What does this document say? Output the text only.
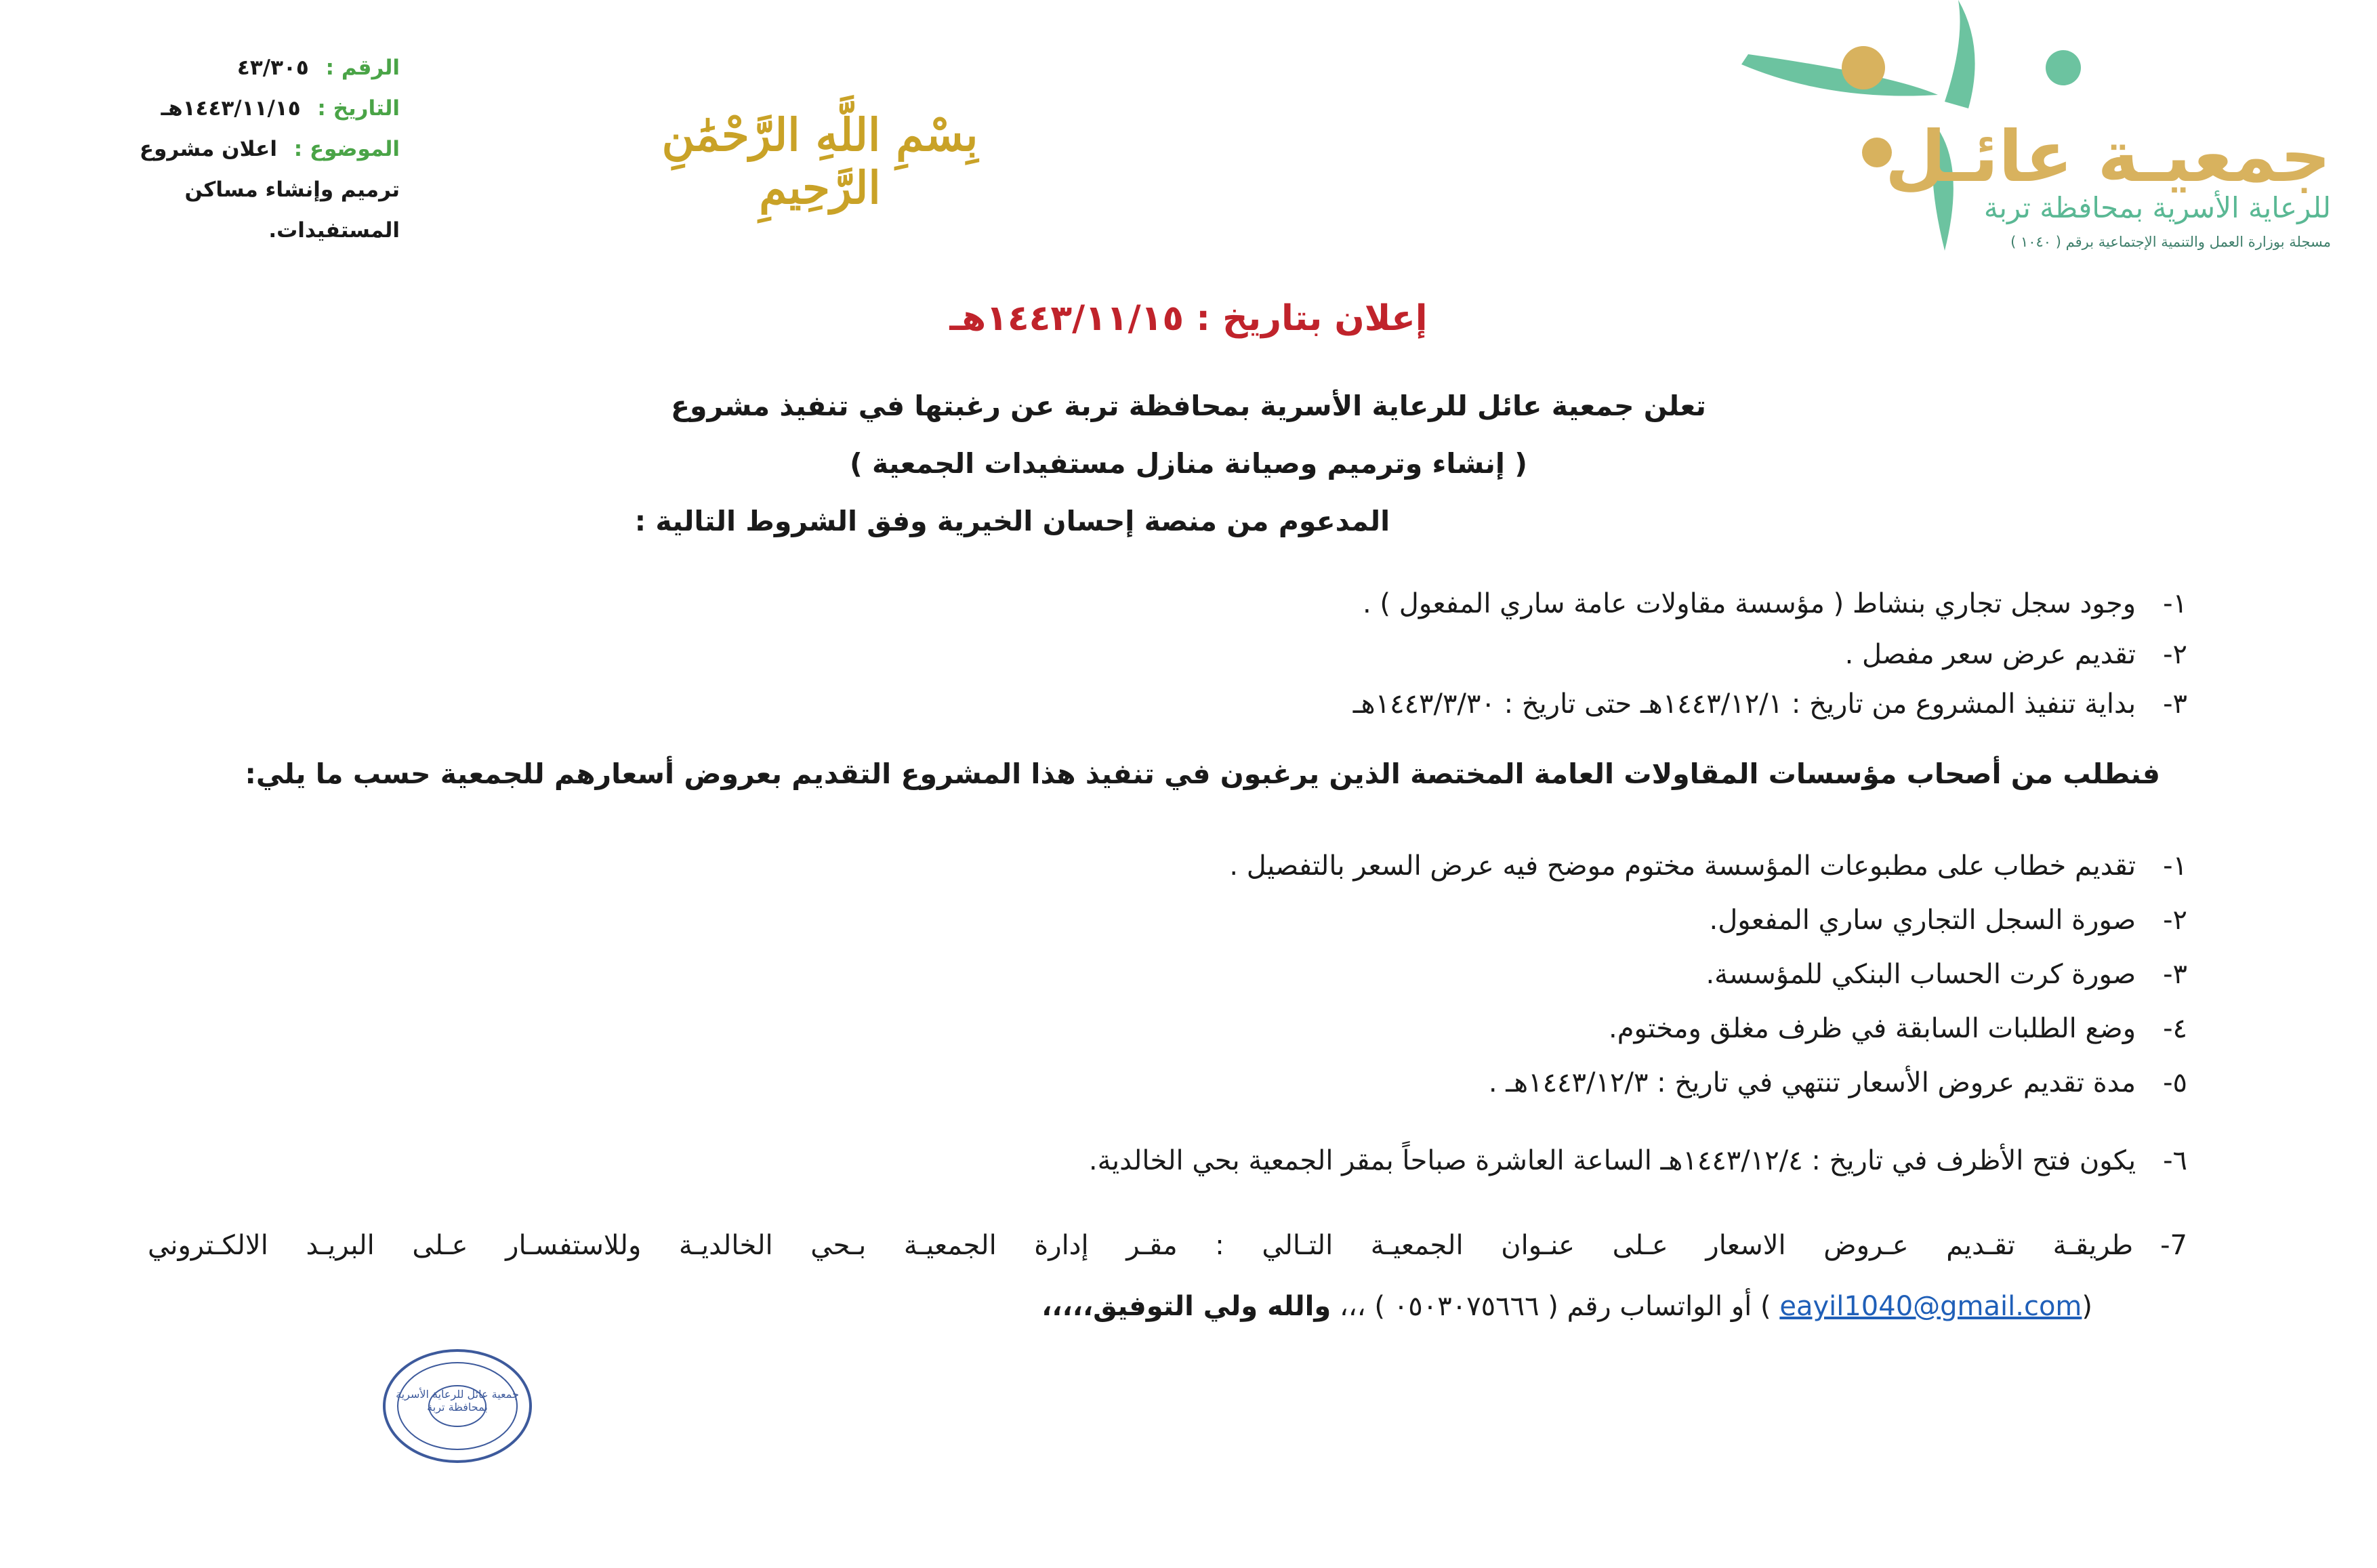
الرقم : ٤٣/٣٠٥
التاريخ : ١٤٤٣/١١/١٥هـ
الموضوع : اعلان مشروع
ترميم وإنشاء مساكن
المستفيدات.
بِسْمِ اللَّهِ الرَّحْمَٰنِ الرَّحِيمِ	جمعيـة عائـل
للرعاية الأسرية بمحافظة تربة
مسجلة بوزارة العمل والتنمية الإجتماعية برقم ( ١٠٤٠ )
إعلان بتاريخ : ١٤٤٣/١١/١٥هـ
تعلن جمعية عائل للرعاية الأسرية بمحافظة تربة عن رغبتها في تنفيذ مشروع
( إنشاء وترميم وصيانة منازل مستفيدات الجمعية )
المدعوم من منصة إحسان الخيرية وفق الشروط التالية :
١-وجود سجل تجاري بنشاط ( مؤسسة مقاولات عامة ساري المفعول ) .
٢-تقديم عرض سعر مفصل .
٣-بداية تنفيذ المشروع من تاريخ : ١٤٤٣/١٢/١هـ حتى تاريخ : ١٤٤٣/٣/٣٠هـ
فنطلب من أصحاب مؤسسات المقاولات العامة المختصة الذين يرغبون في تنفيذ هذا المشروع التقديم بعروض أسعارهم للجمعية حسب ما يلي:
١-تقديم خطاب على مطبوعات المؤسسة مختوم موضح فيه عرض السعر بالتفصيل .
٢-صورة السجل التجاري ساري المفعول.
٣-صورة كرت الحساب البنكي للمؤسسة.
٤-وضع الطلبات السابقة في ظرف مغلق ومختوم.
٥-مدة تقديم عروض الأسعار تنتهي في تاريخ : ١٤٤٣/١٢/٣هـ .
٦-يكون فتح الأظرف في تاريخ : ١٤٤٣/١٢/٤هـ الساعة العاشرة صباحاً بمقر الجمعية بحي الخالدية.
7-طريقـة تقـديم عـروض الاسعار عـلى عنـوان الجمعيـة التـالي : مقـر إدارة الجمعيـة بـحي الخالديـة وللاستفسـار عـلى البريـد الالكـتروني
(eayil1040@gmail.com ) أو الواتساب رقم ( ٠٥٠٣٠٧٥٦٦٦ ) ،،، والله ولي التوفيق،،،،،
جمعية عائل للرعاية الأسرية بمحافظة تربة
